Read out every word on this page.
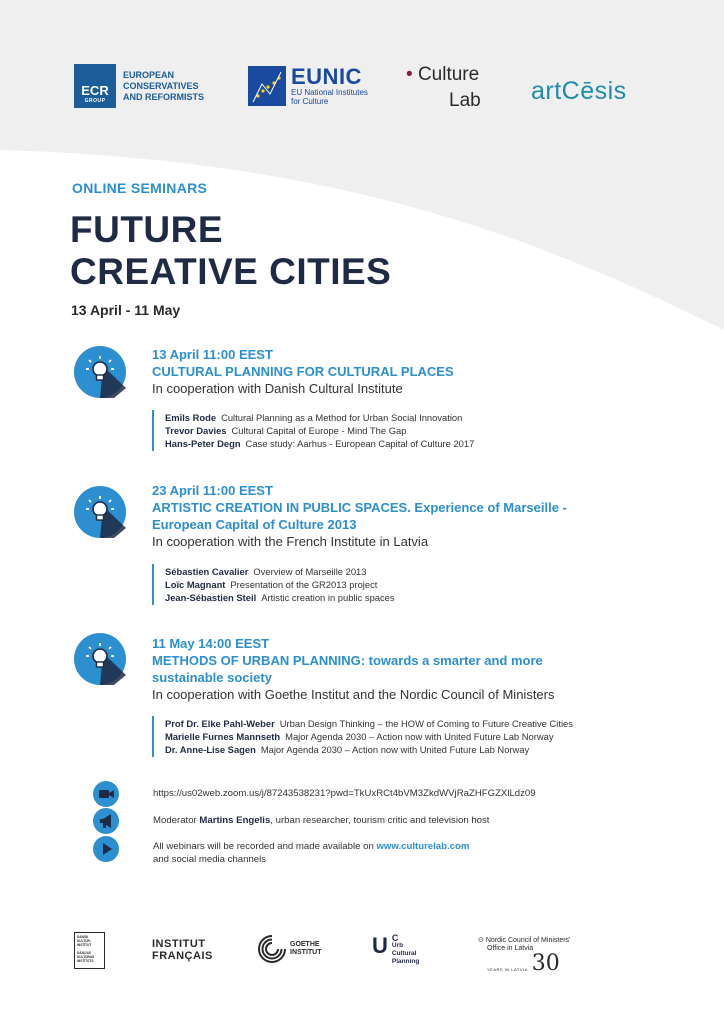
ECR
GROUP
EUROPEAN
CONSERVATIVES
AND REFORMISTS
EUNIC
EU National Institutes
for Culture
• Culture
Lab artCēsis
ONLINE SEMINARS
FUTURE
CREATIVE CITIES
13 April - 11 May
13 April 11:00 EEST
CULTURAL PLANNING FOR CULTURAL PLACES
In cooperation with Danish Cultural Institute
Emīls Rode Cultural Planning as a Method for Urban Social Innovation
Trevor Davies Cultural Capital of Europe - Mind The Gap
Hans-Peter Degn Case study: Aarhus - European Capital of Culture 2017
23 April 11:00 EEST
ARTISTIC CREATION IN PUBLIC SPACES. Experience of Marseille -
European Capital of Culture 2013
In cooperation with the French Institute in Latvia
Sébastien Cavalier Overview of Marseille 2013
Loïc Magnant Presentation of the GR2013 project
Jean-Sébastien Steil Artistic creation in public spaces
11 May 14:00 EEST
METHODS OF URBAN PLANNING: towards a smarter and more
sustainable society
In cooperation with Goethe Institut and the Nordic Council of Ministers
Prof Dr. Elke Pahl-Weber Urban Design Thinking – the HOW of Coming to Future Creative Cities
Marielle Furnes Mannseth Major Agenda 2030 – Action now with United Future Lab Norway
Dr. Anne-Lise Sagen Major Agenda 2030 – Action now with United Future Lab Norway
https://us02web.zoom.us/j/87243538231?pwd=TkUxRCt4bVM3ZkdWVjRaZHFGZXlLdz09
Moderator Martins Engelis, urban researcher, tourism critic and television host
All webinars will be recorded and made available on www.culturelab.com
and social media channels
DANSK
KULTUR-
INSTITUT
DÁNIJAS
KULTŪRAS
INSTITŪTS
INSTITUT
FRANÇAIS
GOETHE
INSTITUT U C
Urb
Cultural
Planning
⊙ Nordic Council of Ministers'
Office in Latvia
YEARS IN LATVIA 30
